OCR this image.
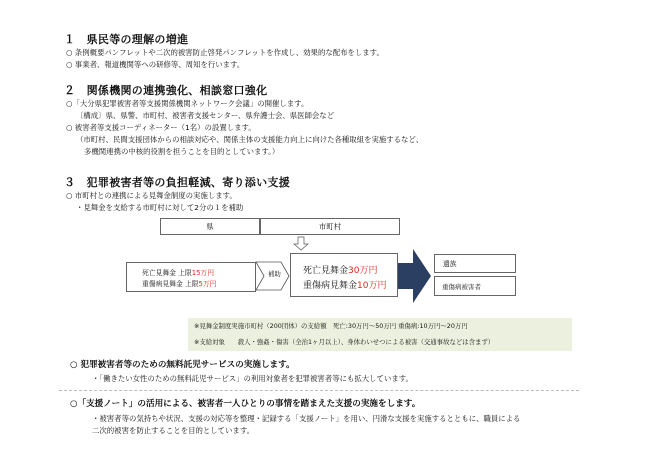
１　県民等の理解の増進
○ 条例概要パンフレットや二次的被害防止啓発パンフレットを作成し、効果的な配布をします。
○ 事業者、報道機関等への研修等、周知を行います。
２　関係機関の連携強化、相談窓口強化
○「大分県犯罪被害者等支援関係機関ネットワーク会議」の開催します。
〔構成〕県、県警、市町村、被害者支援センター、県弁護士会、県医師会など
○ 被害者等支援コーディネーター（1名）の設置します。
（市町村、民間支援団体からの相談対応や、関係主体の支援能力向上に向けた各種取組を実施するなど、
多機関連携の中核的役割を担うことを目的としています。）
３　犯罪被害者等の負担軽減、寄り添い支援
○ 市町村との連携による見舞金制度の実施します。
・見舞金を支給する市町村に対して2分の１を補助
県	市町村
死亡見舞金 上限15万円
重傷病見舞金 上限5万円
補助 死亡見舞金30万円
重傷病見舞金10万円
遺族
重傷病被害者
※見舞金制度実施市町村（200団体）の支給額　死亡:30万円〜50万円 重傷病:10万円〜20万円
※支給対象　　殺人・強姦・傷害（全治1ヶ月以上）、身体わいせつによる被害（交通事故などは含まず）
○ 犯罪被害者等のための無料託児サービスの実施します。
・「働きたい女性のための無料託児サービス」の利用対象者を犯罪被害者等にも拡大しています。
○「支援ノート」の活用による、被害者一人ひとりの事情を踏まえた支援の実施をします。
・被害者等の気持ちや状況、支援の対応等を整理・記録する「支援ノート」を用い、円滑な支援を実施するとともに、職員による
二次的被害を防止することを目的としています。
